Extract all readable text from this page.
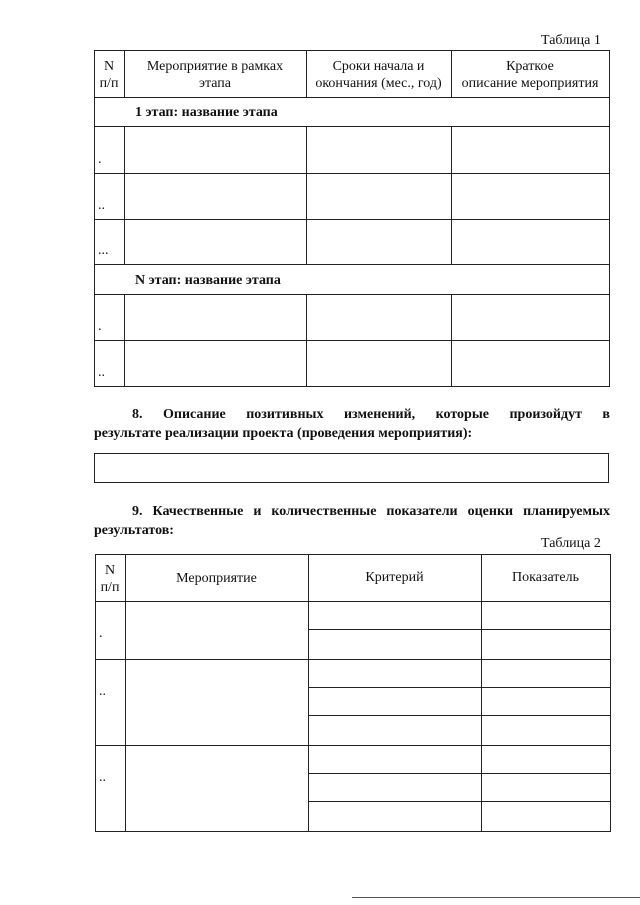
Таблица 1
N
п/п
Мероприятие в рамках
этапа
Сроки начала и
окончания (мес., год)
Краткое
описание мероприятия
1 этап: название этапа
N этап: название этапа
.
..
...
.
..
8. Описание позитивных изменений, которые произойдут в
результате реализации проекта (проведения мероприятия):
9. Качественные и количественные показатели оценки планируемых
результатов:
Таблица 2
N
п/п
Мероприятие	Критерий	Показатель
.
..
..
